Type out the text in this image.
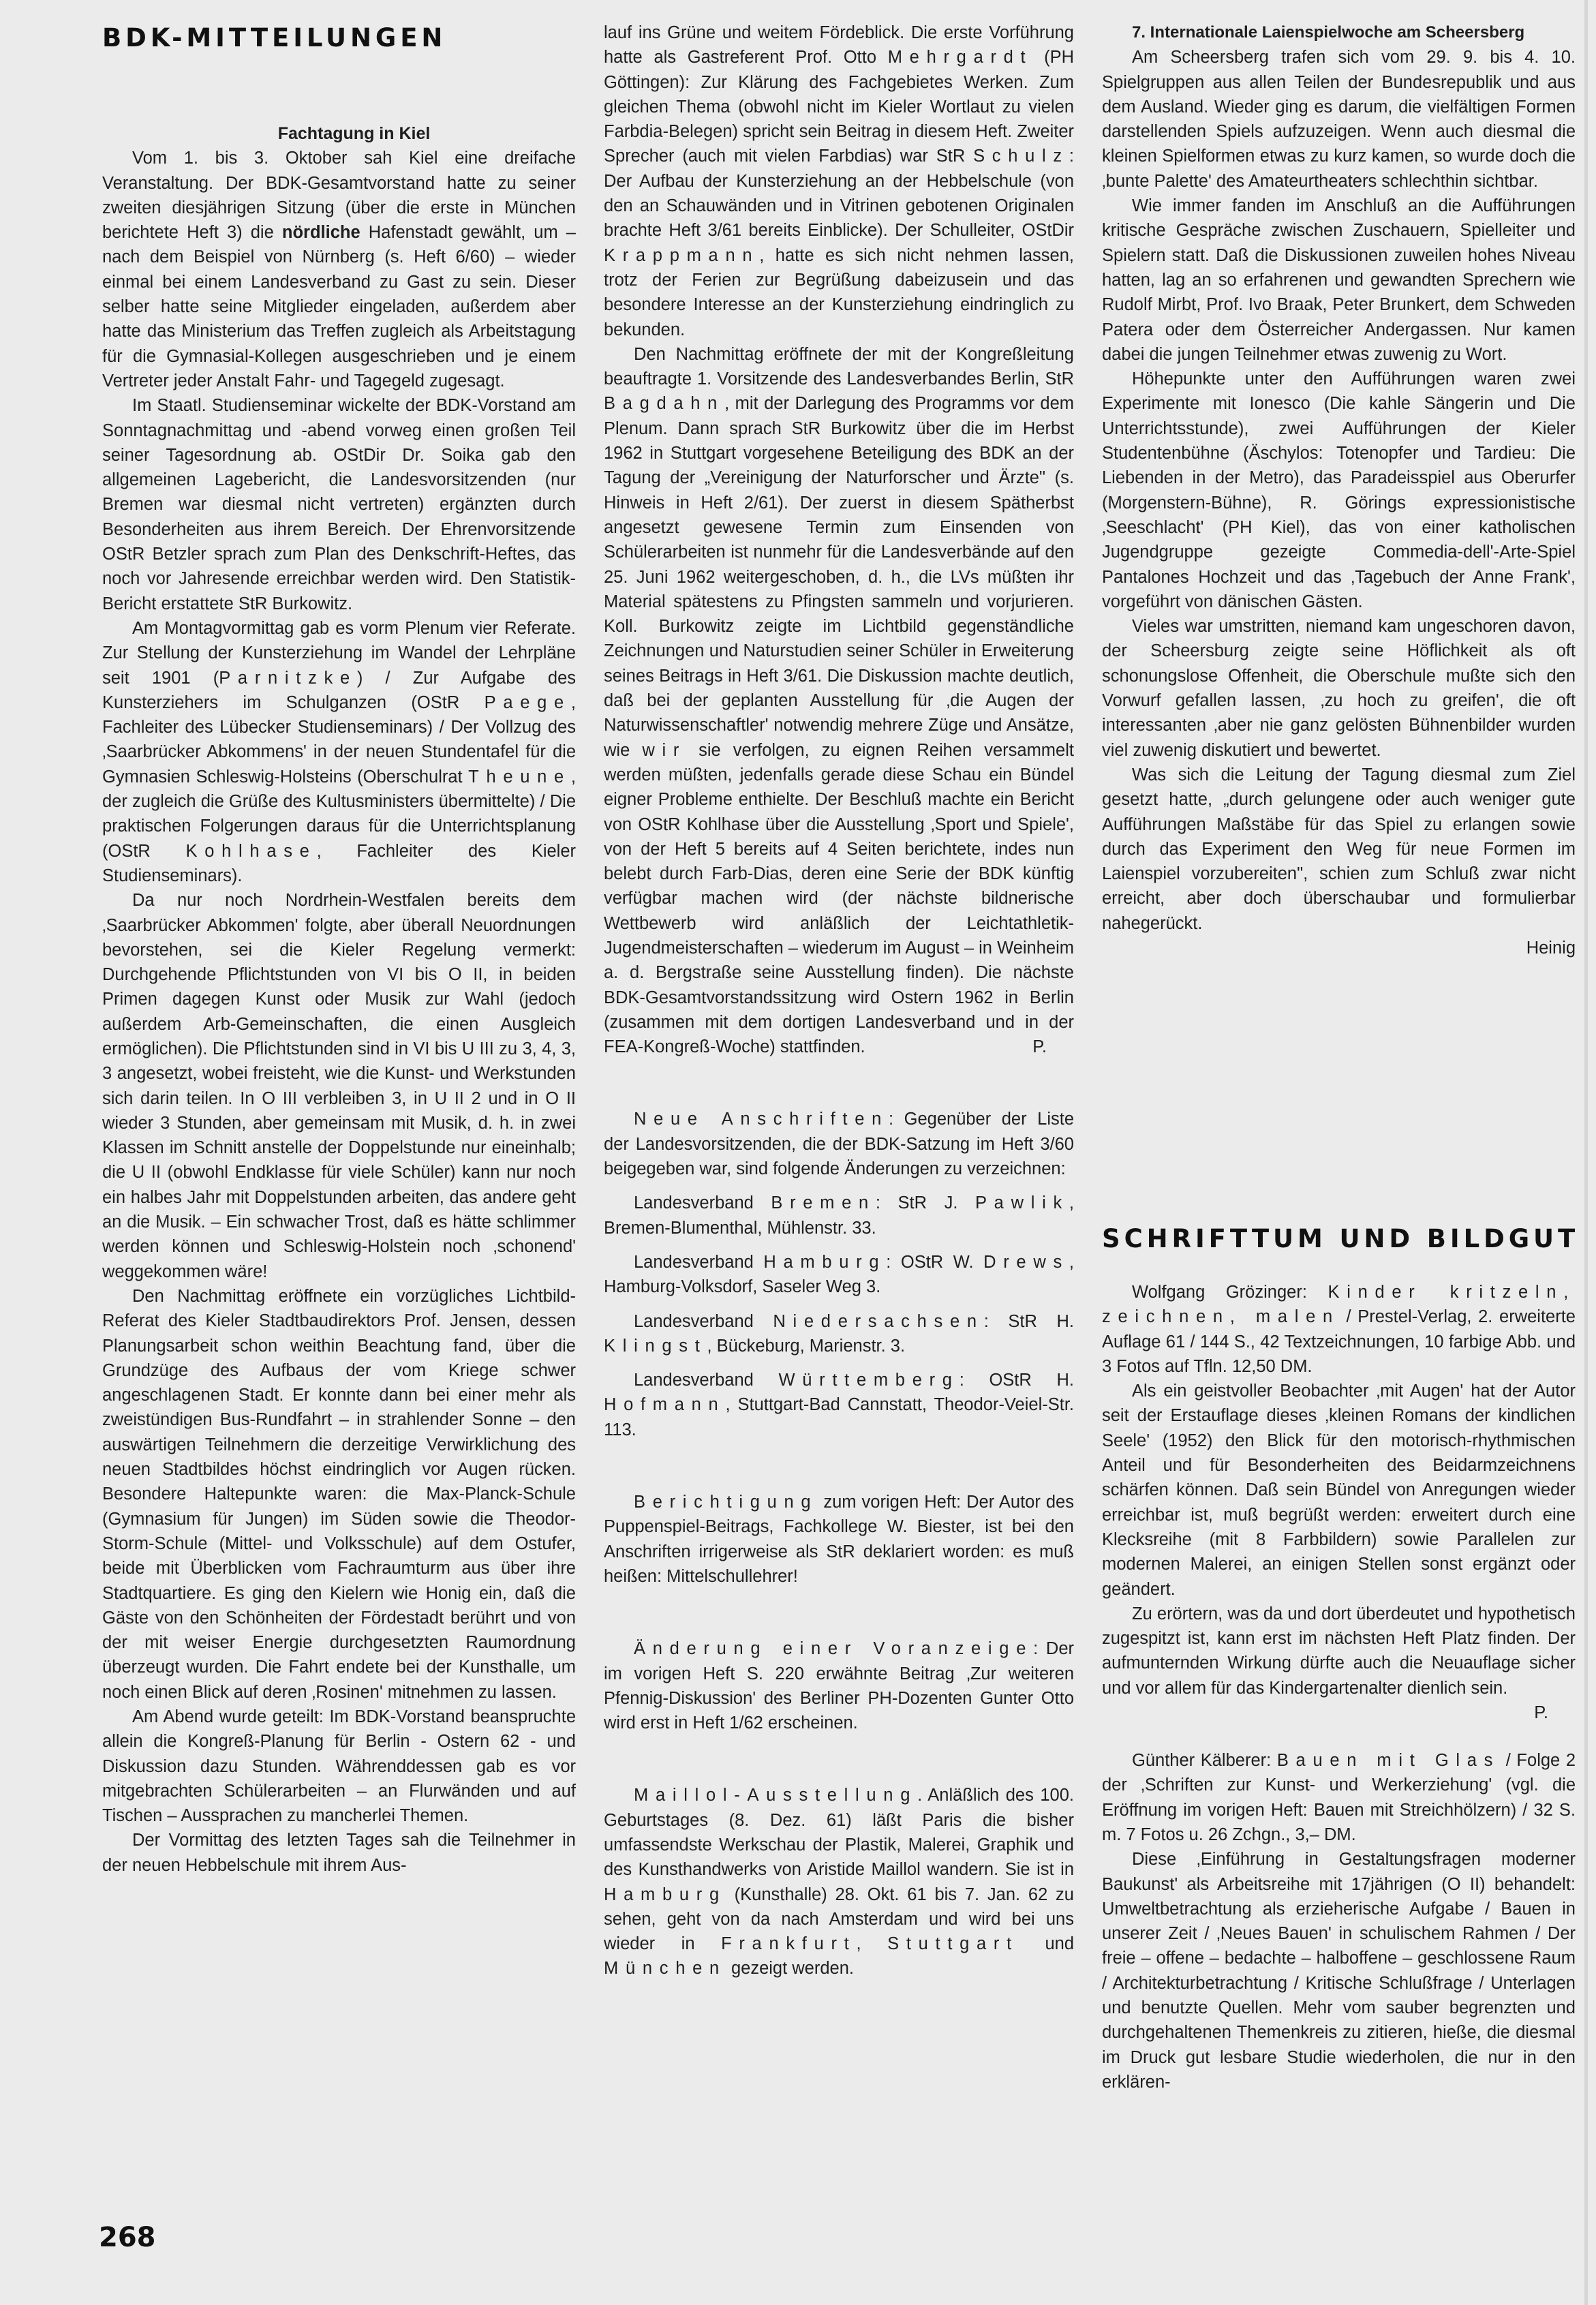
BDK-MITTEILUNGEN

Fachtagung in Kiel

Vom 1. bis 3. Oktober sah Kiel eine dreifache Veranstaltung. Der BDK-Gesamtvorstand hatte zu seiner zweiten diesjährigen Sitzung (über die erste in München berichtete Heft 3) die nördliche Hafenstadt gewählt, um – nach dem Beispiel von Nürnberg (s. Heft 6/60) – wieder einmal bei einem Landesverband zu Gast zu sein. Dieser selber hatte seine Mitglieder eingeladen, außerdem aber hatte das Ministerium das Treffen zugleich als Arbeitstagung für die Gymnasial-Kollegen ausgeschrieben und je einem Vertreter jeder Anstalt Fahr- und Tagegeld zugesagt.

Im Staatl. Studienseminar wickelte der BDK-Vorstand am Sonntagnachmittag und -abend vorweg einen großen Teil seiner Tagesordnung ab. OStDir Dr. Soika gab den allgemeinen Lagebericht, die Landesvorsitzenden (nur Bremen war diesmal nicht vertreten) ergänzten durch Besonderheiten aus ihrem Bereich. Der Ehrenvorsitzende OStR Betzler sprach zum Plan des Denkschrift-Heftes, das noch vor Jahresende erreichbar werden wird. Den Statistik-Bericht erstattete StR Burkowitz.

Am Montagvormittag gab es vorm Plenum vier Referate. Zur Stellung der Kunsterziehung im Wandel der Lehrpläne seit 1901 (Parnitzke) / Zur Aufgabe des Kunsterziehers im Schulganzen (OStR Paege, Fachleiter des Lübecker Studienseminars) / Der Vollzug des ‚Saarbrücker Abkommens' in der neuen Stundentafel für die Gymnasien Schleswig-Holsteins (Oberschulrat Theune, der zugleich die Grüße des Kultusministers übermittelte) / Die praktischen Folgerungen daraus für die Unterrichtsplanung (OStR Kohlhase, Fachleiter des Kieler Studienseminars).

Da nur noch Nordrhein-Westfalen bereits dem ‚Saarbrücker Abkommen' folgte, aber überall Neuordnungen bevorstehen, sei die Kieler Regelung vermerkt: Durchgehende Pflichtstunden von VI bis O II, in beiden Primen dagegen Kunst oder Musik zur Wahl (jedoch außerdem Arb-Gemeinschaften, die einen Ausgleich ermöglichen). Die Pflichtstunden sind in VI bis U III zu 3, 4, 3, 3 angesetzt, wobei freisteht, wie die Kunst- und Werkstunden sich darin teilen. In O III verbleiben 3, in U II 2 und in O II wieder 3 Stunden, aber gemeinsam mit Musik, d. h. in zwei Klassen im Schnitt anstelle der Doppelstunde nur eineinhalb; die U II (obwohl Endklasse für viele Schüler) kann nur noch ein halbes Jahr mit Doppelstunden arbeiten, das andere geht an die Musik. – Ein schwacher Trost, daß es hätte schlimmer werden können und Schleswig-Holstein noch ‚schonend' weggekommen wäre!

Den Nachmittag eröffnete ein vorzügliches Lichtbild-Referat des Kieler Stadtbaudirektors Prof. Jensen, dessen Planungsarbeit schon weithin Beachtung fand, über die Grundzüge des Aufbaus der vom Kriege schwer angeschlagenen Stadt. Er konnte dann bei einer mehr als zweistündigen Bus-Rundfahrt – in strahlender Sonne – den auswärtigen Teilnehmern die derzeitige Verwirklichung des neuen Stadtbildes höchst eindringlich vor Augen rücken. Besondere Haltepunkte waren: die Max-Planck-Schule (Gymnasium für Jungen) im Süden sowie die Theodor-Storm-Schule (Mittel- und Volksschule) auf dem Ostufer, beide mit Überblicken vom Fachraumturm aus über ihre Stadtquartiere. Es ging den Kielern wie Honig ein, daß die Gäste von den Schönheiten der Fördestadt berührt und von der mit weiser Energie durchgesetzten Raumordnung überzeugt wurden. Die Fahrt endete bei der Kunsthalle, um noch einen Blick auf deren ‚Rosinen' mitnehmen zu lassen.

Am Abend wurde geteilt: Im BDK-Vorstand beanspruchte allein die Kongreß-Planung für Berlin - Ostern 62 - und Diskussion dazu Stunden. Währenddessen gab es vor mitgebrachten Schülerarbeiten – an Flurwänden und auf Tischen – Aussprachen zu mancherlei Themen.

Der Vormittag des letzten Tages sah die Teilnehmer in der neuen Hebbelschule mit ihrem Aus-

lauf ins Grüne und weitem Fördeblick. Die erste Vorführung hatte als Gastreferent Prof. Otto Mehrgardt (PH Göttingen): Zur Klärung des Fachgebietes Werken. Zum gleichen Thema (obwohl nicht im Kieler Wortlaut zu vielen Farbdia-Belegen) spricht sein Beitrag in diesem Heft. Zweiter Sprecher (auch mit vielen Farbdias) war StR Schulz: Der Aufbau der Kunsterziehung an der Hebbelschule (von den an Schauwänden und in Vitrinen gebotenen Originalen brachte Heft 3/61 bereits Einblicke). Der Schulleiter, OStDir Krappmann, hatte es sich nicht nehmen lassen, trotz der Ferien zur Begrüßung dabeizusein und das besondere Interesse an der Kunsterziehung eindringlich zu bekunden.

Den Nachmittag eröffnete der mit der Kongreßleitung beauftragte 1. Vorsitzende des Landesverbandes Berlin, StR Bagdahn, mit der Darlegung des Programms vor dem Plenum. Dann sprach StR Burkowitz über die im Herbst 1962 in Stuttgart vorgesehene Beteiligung des BDK an der Tagung der „Vereinigung der Naturforscher und Ärzte" (s. Hinweis in Heft 2/61). Der zuerst in diesem Spätherbst angesetzt gewesene Termin zum Einsenden von Schülerarbeiten ist nunmehr für die Landesverbände auf den 25. Juni 1962 weitergeschoben, d. h., die LVs müßten ihr Material spätestens zu Pfingsten sammeln und vorjurieren. Koll. Burkowitz zeigte im Lichtbild gegenständliche Zeichnungen und Naturstudien seiner Schüler in Erweiterung seines Beitrags in Heft 3/61. Die Diskussion machte deutlich, daß bei der geplanten Ausstellung für ‚die Augen der Naturwissenschaftler' notwendig mehrere Züge und Ansätze, wie wir sie verfolgen, zu eignen Reihen versammelt werden müßten, jedenfalls gerade diese Schau ein Bündel eigner Probleme enthielte. Der Beschluß machte ein Bericht von OStR Kohlhase über die Ausstellung ‚Sport und Spiele', von der Heft 5 bereits auf 4 Seiten berichtete, indes nun belebt durch Farb-Dias, deren eine Serie der BDK künftig verfügbar machen wird (der nächste bildnerische Wettbewerb wird anläßlich der Leichtathletik-Jugendmeisterschaften – wiederum im August – in Weinheim a. d. Bergstraße seine Ausstellung finden). Die nächste BDK-Gesamtvorstandssitzung wird Ostern 1962 in Berlin (zusammen mit dem dortigen Landesverband und in der FEA-Kongreß-Woche) stattfinden.	P.

Neue Anschriften: Gegenüber der Liste der Landesvorsitzenden, die der BDK-Satzung im Heft 3/60 beigegeben war, sind folgende Änderungen zu verzeichnen:

Landesverband Bremen: StR J. Pawlik, Bremen-Blumenthal, Mühlenstr. 33.

Landesverband Hamburg: OStR W. Drews, Hamburg-Volksdorf, Saseler Weg 3.

Landesverband Niedersachsen: StR H. Klingst, Bückeburg, Marienstr. 3.

Landesverband Württemberg: OStR H. Hofmann, Stuttgart-Bad Cannstatt, Theodor-Veiel-Str. 113.

Berichtigung zum vorigen Heft: Der Autor des Puppenspiel-Beitrags, Fachkollege W. Biester, ist bei den Anschriften irrigerweise als StR deklariert worden: es muß heißen: Mittelschullehrer!

Änderung einer Voranzeige: Der im vorigen Heft S. 220 erwähnte Beitrag ‚Zur weiteren Pfennig-Diskussion' des Berliner PH-Dozenten Gunter Otto wird erst in Heft 1/62 erscheinen.

Maillol-Ausstellung. Anläßlich des 100. Geburtstages (8. Dez. 61) läßt Paris die bisher umfassendste Werkschau der Plastik, Malerei, Graphik und des Kunsthandwerks von Aristide Maillol wandern. Sie ist in Hamburg (Kunsthalle) 28. Okt. 61 bis 7. Jan. 62 zu sehen, geht von da nach Amsterdam und wird bei uns wieder in Frankfurt, Stuttgart und München gezeigt werden.

7. Internationale Laienspielwoche am Scheersberg

Am Scheersberg trafen sich vom 29. 9. bis 4. 10. Spielgruppen aus allen Teilen der Bundesrepublik und aus dem Ausland. Wieder ging es darum, die vielfältigen Formen darstellenden Spiels aufzuzeigen. Wenn auch diesmal die kleinen Spielformen etwas zu kurz kamen, so wurde doch die ‚bunte Palette' des Amateurtheaters schlechthin sichtbar.

Wie immer fanden im Anschluß an die Aufführungen kritische Gespräche zwischen Zuschauern, Spielleiter und Spielern statt. Daß die Diskussionen zuweilen hohes Niveau hatten, lag an so erfahrenen und gewandten Sprechern wie Rudolf Mirbt, Prof. Ivo Braak, Peter Brunkert, dem Schweden Patera oder dem Österreicher Andergassen. Nur kamen dabei die jungen Teilnehmer etwas zuwenig zu Wort.

Höhepunkte unter den Aufführungen waren zwei Experimente mit Ionesco (Die kahle Sängerin und Die Unterrichtsstunde), zwei Aufführungen der Kieler Studentenbühne (Äschylos: Totenopfer und Tardieu: Die Liebenden in der Metro), das Paradeisspiel aus Oberurfer (Morgenstern-Bühne), R. Görings expressionistische ‚Seeschlacht' (PH Kiel), das von einer katholischen Jugendgruppe gezeigte Commedia-dell'-Arte-Spiel Pantalones Hochzeit und das ‚Tagebuch der Anne Frank', vorgeführt von dänischen Gästen.

Vieles war umstritten, niemand kam ungeschoren davon, der Scheersburg zeigte seine Höflichkeit als oft schonungslose Offenheit, die Oberschule mußte sich den Vorwurf gefallen lassen, ‚zu hoch zu greifen', die oft interessanten ‚aber nie ganz gelösten Bühnenbilder wurden viel zuwenig diskutiert und bewertet.

Was sich die Leitung der Tagung diesmal zum Ziel gesetzt hatte, „durch gelungene oder auch weniger gute Aufführungen Maßstäbe für das Spiel zu erlangen sowie durch das Experiment den Weg für neue Formen im Laienspiel vorzubereiten", schien zum Schluß zwar nicht erreicht, aber doch überschaubar und formulierbar nahegerückt.

Heinig

SCHRIFTTUM UND BILDGUT

Wolfgang Grözinger: Kinder kritzeln, zeichnen, malen / Prestel-Verlag, 2. erweiterte Auflage 61 / 144 S., 42 Textzeichnungen, 10 farbige Abb. und 3 Fotos auf Tfln. 12,50 DM.

Als ein geistvoller Beobachter ‚mit Augen' hat der Autor seit der Erstauflage dieses ‚kleinen Romans der kindlichen Seele' (1952) den Blick für den motorisch-rhythmischen Anteil und für Besonderheiten des Beidarmzeichnens schärfen können. Daß sein Bündel von Anregungen wieder erreichbar ist, muß begrüßt werden: erweitert durch eine Klecksreihe (mit 8 Farbbildern) sowie Parallelen zur modernen Malerei, an einigen Stellen sonst ergänzt oder geändert.

Zu erörtern, was da und dort überdeutet und hypothetisch zugespitzt ist, kann erst im nächsten Heft Platz finden. Der aufmunternden Wirkung dürfte auch die Neuauflage sicher und vor allem für das Kindergartenalter dienlich sein.
P.

Günther Kälberer: Bauen mit Glas / Folge 2 der ‚Schriften zur Kunst- und Werkerziehung' (vgl. die Eröffnung im vorigen Heft: Bauen mit Streichhölzern) / 32 S. m. 7 Fotos u. 26 Zchgn., 3,– DM.

Diese ‚Einführung in Gestaltungsfragen moderner Baukunst' als Arbeitsreihe mit 17jährigen (O II) behandelt: Umweltbetrachtung als erzieherische Aufgabe / Bauen in unserer Zeit / ‚Neues Bauen' in schulischem Rahmen / Der freie – offene – bedachte – halboffene – geschlossene Raum / Architekturbetrachtung / Kritische Schlußfrage / Unterlagen und benutzte Quellen. Mehr vom sauber begrenzten und durchgehaltenen Themenkreis zu zitieren, hieße, die diesmal im Druck gut lesbare Studie wiederholen, die nur in den erklären-

268
